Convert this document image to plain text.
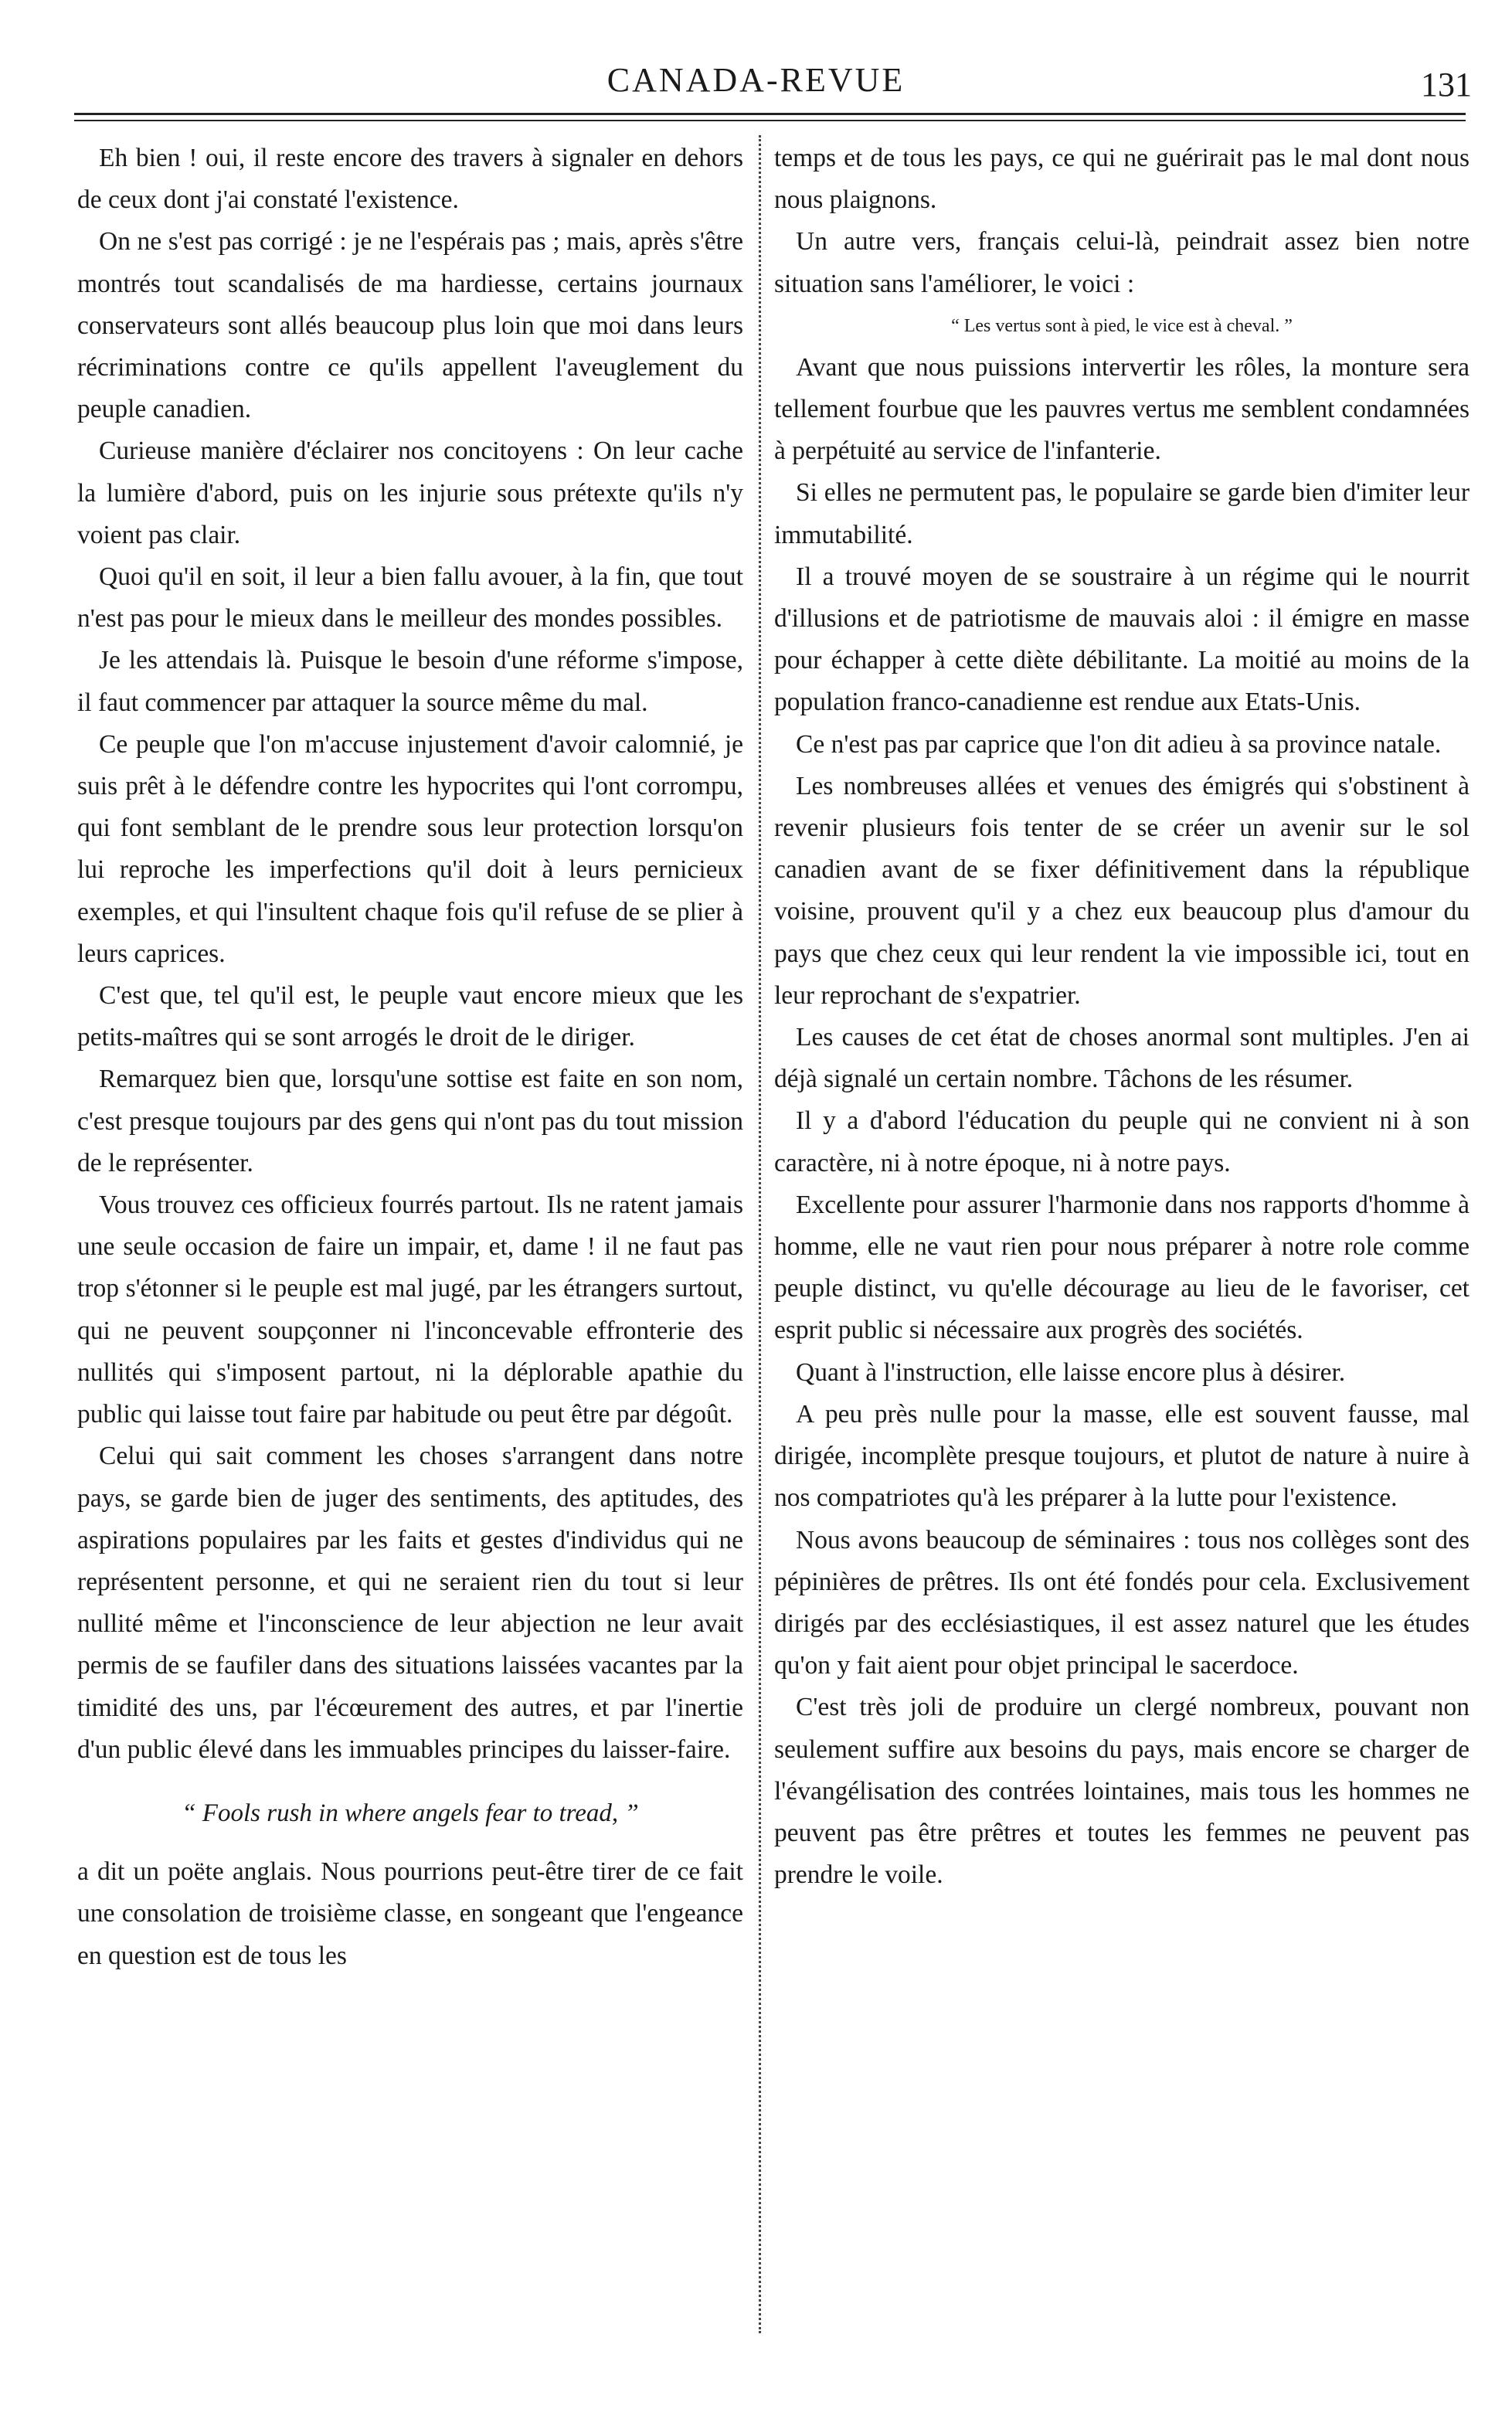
CANADA-REVUE	131

Eh bien ! oui, il reste encore des travers à signaler en dehors de ceux dont j'ai constaté l'existence.

On ne s'est pas corrigé : je ne l'espérais pas ; mais, après s'être montrés tout scandalisés de ma hardiesse, certains journaux conservateurs sont allés beaucoup plus loin que moi dans leurs récriminations contre ce qu'ils appellent l'aveuglement du peuple canadien.

Curieuse manière d'éclairer nos concitoyens : On leur cache la lumière d'abord, puis on les injurie sous prétexte qu'ils n'y voient pas clair.

Quoi qu'il en soit, il leur a bien fallu avouer, à la fin, que tout n'est pas pour le mieux dans le meilleur des mondes possibles.

Je les attendais là. Puisque le besoin d'une réforme s'impose, il faut commencer par attaquer la source même du mal.

Ce peuple que l'on m'accuse injustement d'avoir calomnié, je suis prêt à le défendre contre les hypocrites qui l'ont corrompu, qui font semblant de le prendre sous leur protection lorsqu'on lui reproche les imperfections qu'il doit à leurs pernicieux exemples, et qui l'insultent chaque fois qu'il refuse de se plier à leurs caprices.

C'est que, tel qu'il est, le peuple vaut encore mieux que les petits-maîtres qui se sont arrogés le droit de le diriger.

Remarquez bien que, lorsqu'une sottise est faite en son nom, c'est presque toujours par des gens qui n'ont pas du tout mission de le représenter.

Vous trouvez ces officieux fourrés partout. Ils ne ratent jamais une seule occasion de faire un impair, et, dame ! il ne faut pas trop s'étonner si le peuple est mal jugé, par les étrangers surtout, qui ne peuvent soupçonner ni l'inconcevable effronterie des nullités qui s'imposent partout, ni la déplorable apathie du public qui laisse tout faire par habitude ou peut être par dégoût.

Celui qui sait comment les choses s'arrangent dans notre pays, se garde bien de juger des sentiments, des aptitudes, des aspirations populaires par les faits et gestes d'individus qui ne représentent personne, et qui ne seraient rien du tout si leur nullité même et l'inconscience de leur abjection ne leur avait permis de se faufiler dans des situations laissées vacantes par la timidité des uns, par l'écœurement des autres, et par l'inertie d'un public élevé dans les immuables principes du laisser-faire.

“ Fools rush in where angels fear to tread, ”

a dit un poëte anglais. Nous pourrions peut-être tirer de ce fait une consolation de troisième classe, en songeant que l'engeance en question est de tous les

temps et de tous les pays, ce qui ne guérirait pas le mal dont nous nous plaignons.

Un autre vers, français celui-là, peindrait assez bien notre situation sans l'améliorer, le voici :

“ Les vertus sont à pied, le vice est à cheval. ”

Avant que nous puissions intervertir les rôles, la monture sera tellement fourbue que les pauvres vertus me semblent condamnées à perpétuité au service de l'infanterie.

Si elles ne permutent pas, le populaire se garde bien d'imiter leur immutabilité.

Il a trouvé moyen de se soustraire à un régime qui le nourrit d'illusions et de patriotisme de mauvais aloi : il émigre en masse pour échapper à cette diète débilitante. La moitié au moins de la population franco-canadienne est rendue aux Etats-Unis.

Ce n'est pas par caprice que l'on dit adieu à sa province natale.

Les nombreuses allées et venues des émigrés qui s'obstinent à revenir plusieurs fois tenter de se créer un avenir sur le sol canadien avant de se fixer définitivement dans la république voisine, prouvent qu'il y a chez eux beaucoup plus d'amour du pays que chez ceux qui leur rendent la vie impossible ici, tout en leur reprochant de s'expatrier.

Les causes de cet état de choses anormal sont multiples. J'en ai déjà signalé un certain nombre. Tâchons de les résumer.

Il y a d'abord l'éducation du peuple qui ne convient ni à son caractère, ni à notre époque, ni à notre pays.

Excellente pour assurer l'harmonie dans nos rapports d'homme à homme, elle ne vaut rien pour nous préparer à notre role comme peuple distinct, vu qu'elle décourage au lieu de le favoriser, cet esprit public si nécessaire aux progrès des sociétés.

Quant à l'instruction, elle laisse encore plus à désirer.

A peu près nulle pour la masse, elle est souvent fausse, mal dirigée, incomplète presque toujours, et plutot de nature à nuire à nos compatriotes qu'à les préparer à la lutte pour l'existence.

Nous avons beaucoup de séminaires : tous nos collèges sont des pépinières de prêtres. Ils ont été fondés pour cela. Exclusivement dirigés par des ecclésiastiques, il est assez naturel que les études qu'on y fait aient pour objet principal le sacerdoce.

C'est très joli de produire un clergé nombreux, pouvant non seulement suffire aux besoins du pays, mais encore se charger de l'évangélisation des contrées lointaines, mais tous les hommes ne peuvent pas être prêtres et toutes les femmes ne peuvent pas prendre le voile.
